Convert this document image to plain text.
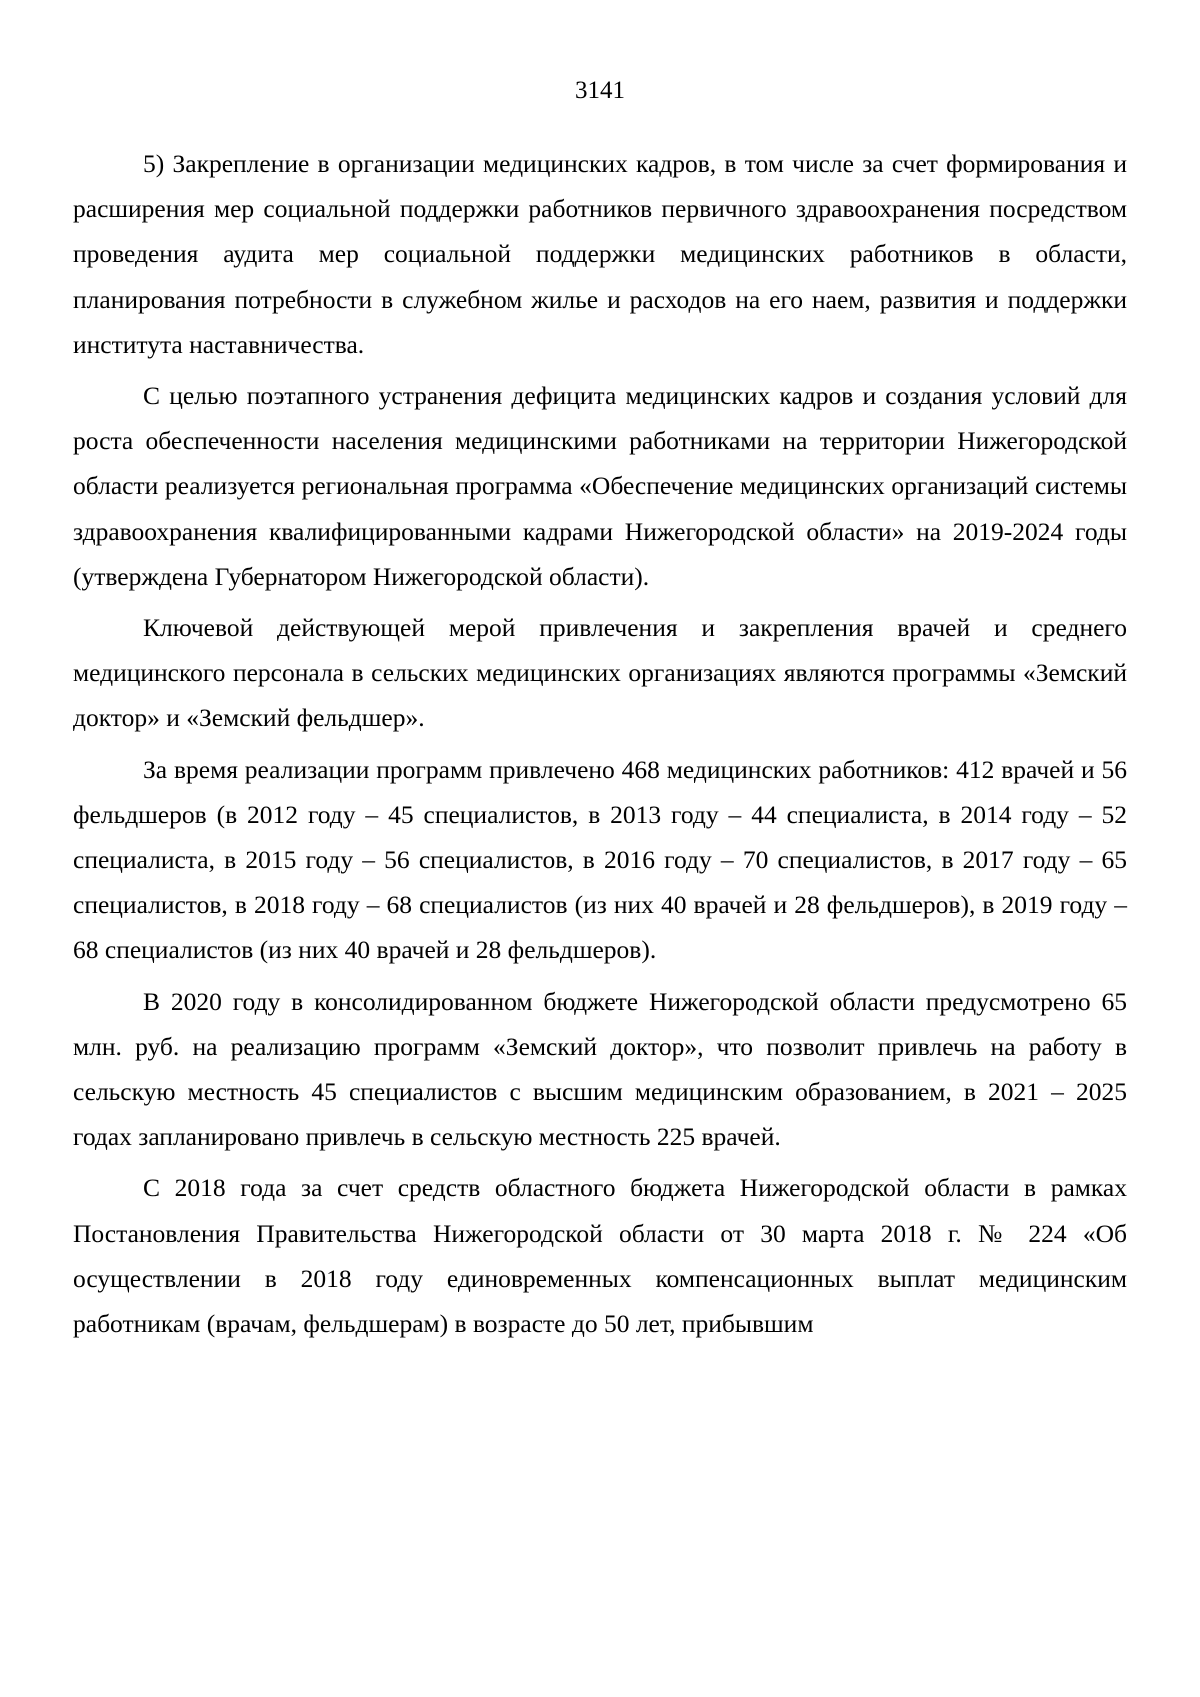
3141

5) Закрепление в организации медицинских кадров, в том числе за счет формирования и расширения мер социальной поддержки работников первичного здравоохранения посредством проведения аудита мер социальной поддержки медицинских работников в области, планирования потребности в служебном жилье и расходов на его наем, развития и поддержки института наставничества.

С целью поэтапного устранения дефицита медицинских кадров и создания условий для роста обеспеченности населения медицинскими работниками на территории Нижегородской области реализуется региональная программа «Обеспечение медицинских организаций системы здравоохранения квалифицированными кадрами Нижегородской области» на 2019-2024 годы (утверждена Губернатором Нижегородской области).

Ключевой действующей мерой привлечения и закрепления врачей и среднего медицинского персонала в сельских медицинских организациях являются программы «Земский доктор» и «Земский фельдшер».

За время реализации программ привлечено 468 медицинских работников: 412 врачей и 56 фельдшеров (в 2012 году – 45 специалистов, в 2013 году – 44 специалиста, в 2014 году – 52 специалиста, в 2015 году – 56 специалистов, в 2016 году – 70 специалистов, в 2017 году – 65 специалистов, в 2018 году – 68 специалистов (из них 40 врачей и 28 фельдшеров), в 2019 году – 68 специалистов (из них 40 врачей и 28 фельдшеров).

В 2020 году в консолидированном бюджете Нижегородской области предусмотрено 65 млн. руб. на реализацию программ «Земский доктор», что позволит привлечь на работу в сельскую местность 45 специалистов с высшим медицинским образованием, в 2021 – 2025 годах запланировано привлечь в сельскую местность 225 врачей.

С 2018 года за счет средств областного бюджета Нижегородской области в рамках Постановления Правительства Нижегородской области от 30 марта 2018 г. № 224 «Об осуществлении в 2018 году единовременных компенсационных выплат медицинским работникам (врачам, фельдшерам) в возрасте до 50 лет, прибывшим
